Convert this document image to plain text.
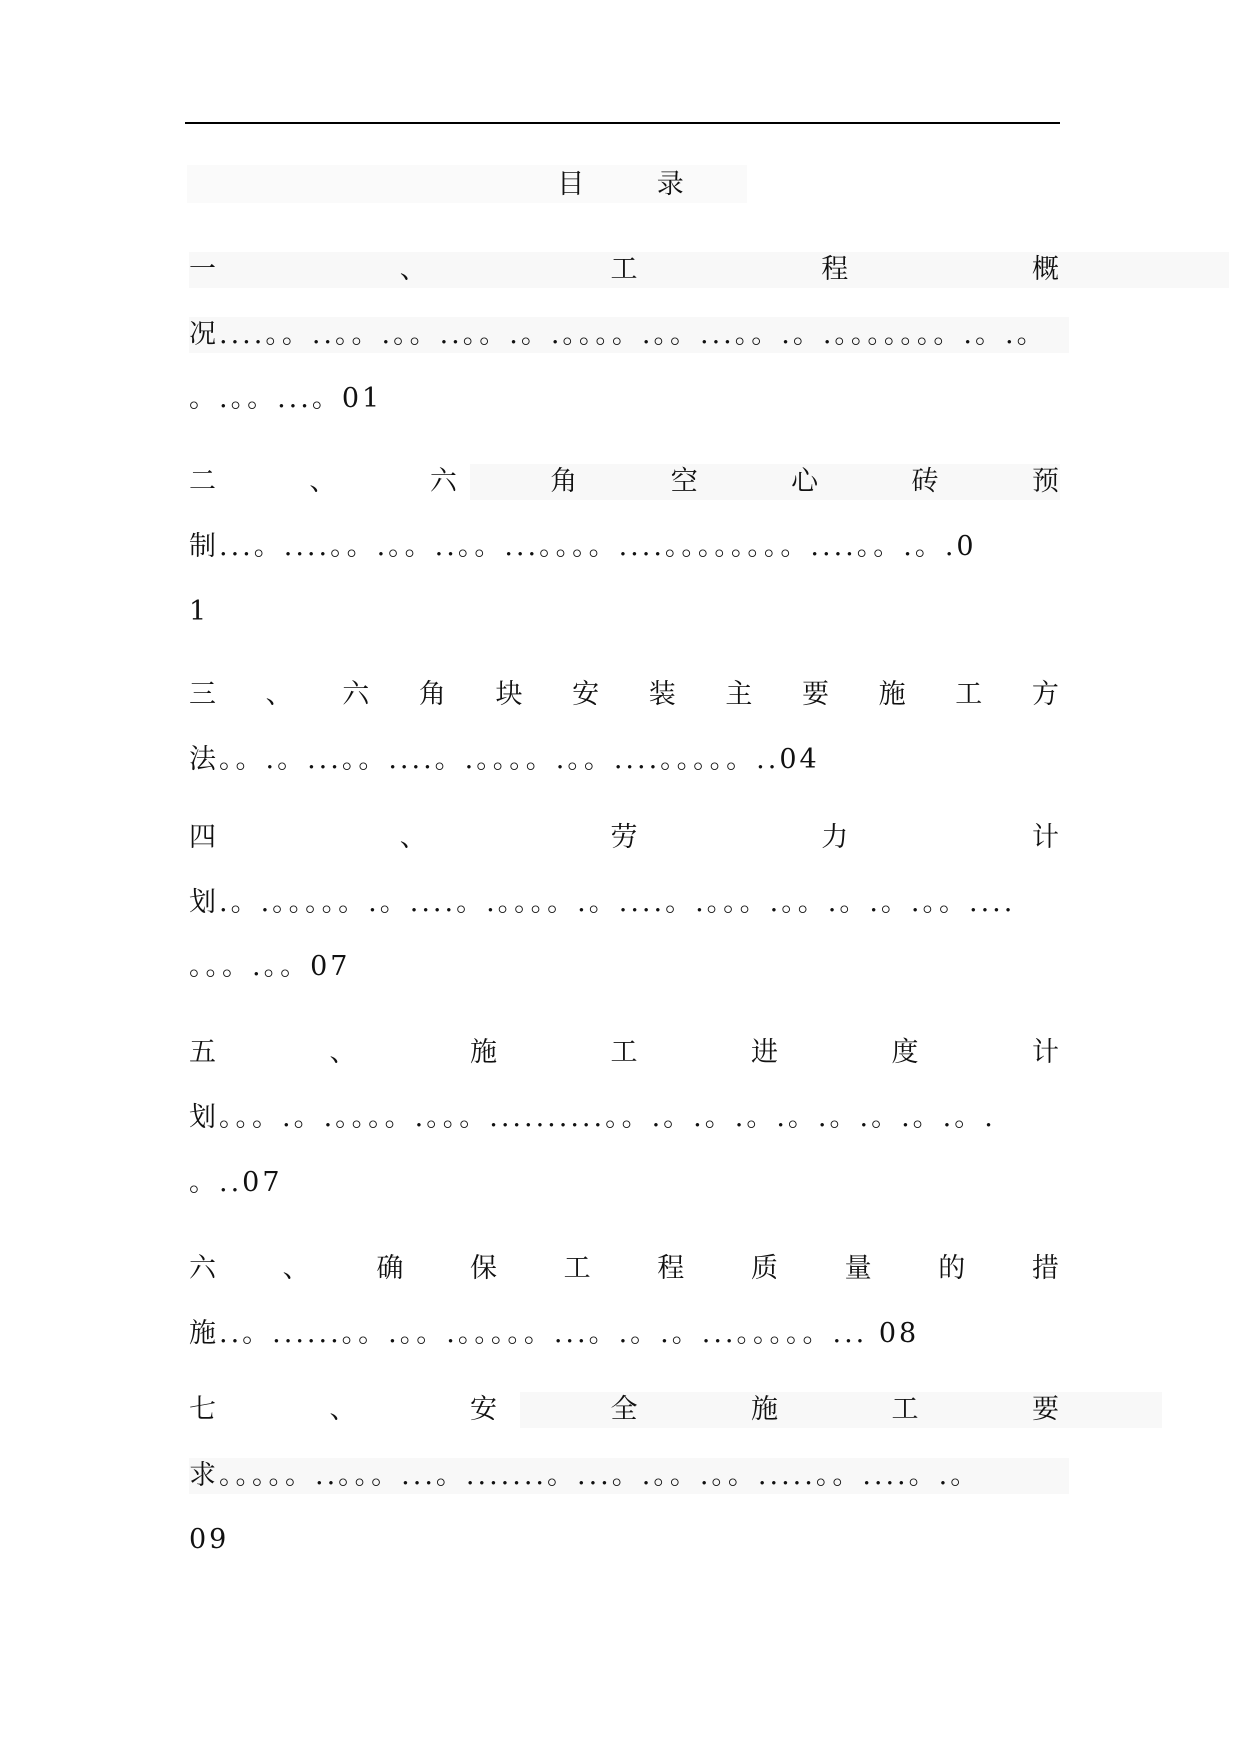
目 录
一	、	工	程	概
况....。。..。。.。。..。。.。.。。。。.。。...。。.。.。。。。。。。.。.。
。.。。...。01
二	、	六	角	空	心	砖	预
制...。....。。.。。..。。...。。。。....。。。。。。。。....。。.。.0
1
三 、 六 角 块 安 装 主 要 施 工 方
法。。.。...。。....。.。。。。.。。....。。。。。..04
四	、	劳	力	计
划.。.。。。。。.。....。.。。。。.。....。.。。。.。。.。.。.。。....
。。。.。。07
五	、	施	工	进	度	计
划。。。.。.。。。。.。。。..........。。.。.。.。.。.。.。.。.。.
。..07
六 、 确 保 工 程 质 量 的 措
施..。......。。.。。.。。。。。...。.。.。...。。。。。... 08
七	、	安	全	施	工	要
求。。。。。..。。。...。.......。...。.。。.。。.....。。....。.。
09
